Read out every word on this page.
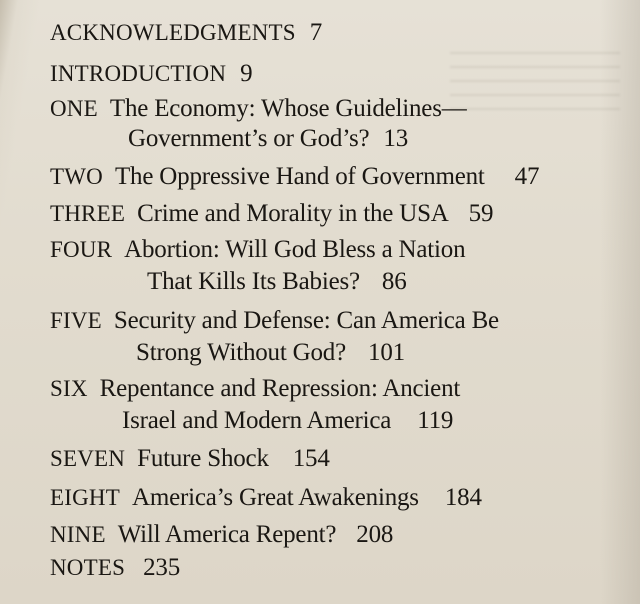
ACKNOWLEDGMENTS 7
INTRODUCTION 9
ONE The Economy: Whose Guidelines—
Government’s or God’s? 13
TWO The Oppressive Hand of Government 47
THREE Crime and Morality in the USA 59
FOUR Abortion: Will God Bless a Nation
That Kills Its Babies? 86
FIVE Security and Defense: Can America Be
Strong Without God? 101
SIX Repentance and Repression: Ancient
Israel and Modern America 119
SEVEN Future Shock 154
EIGHT America’s Great Awakenings 184
NINE Will America Repent? 208
NOTES 235
